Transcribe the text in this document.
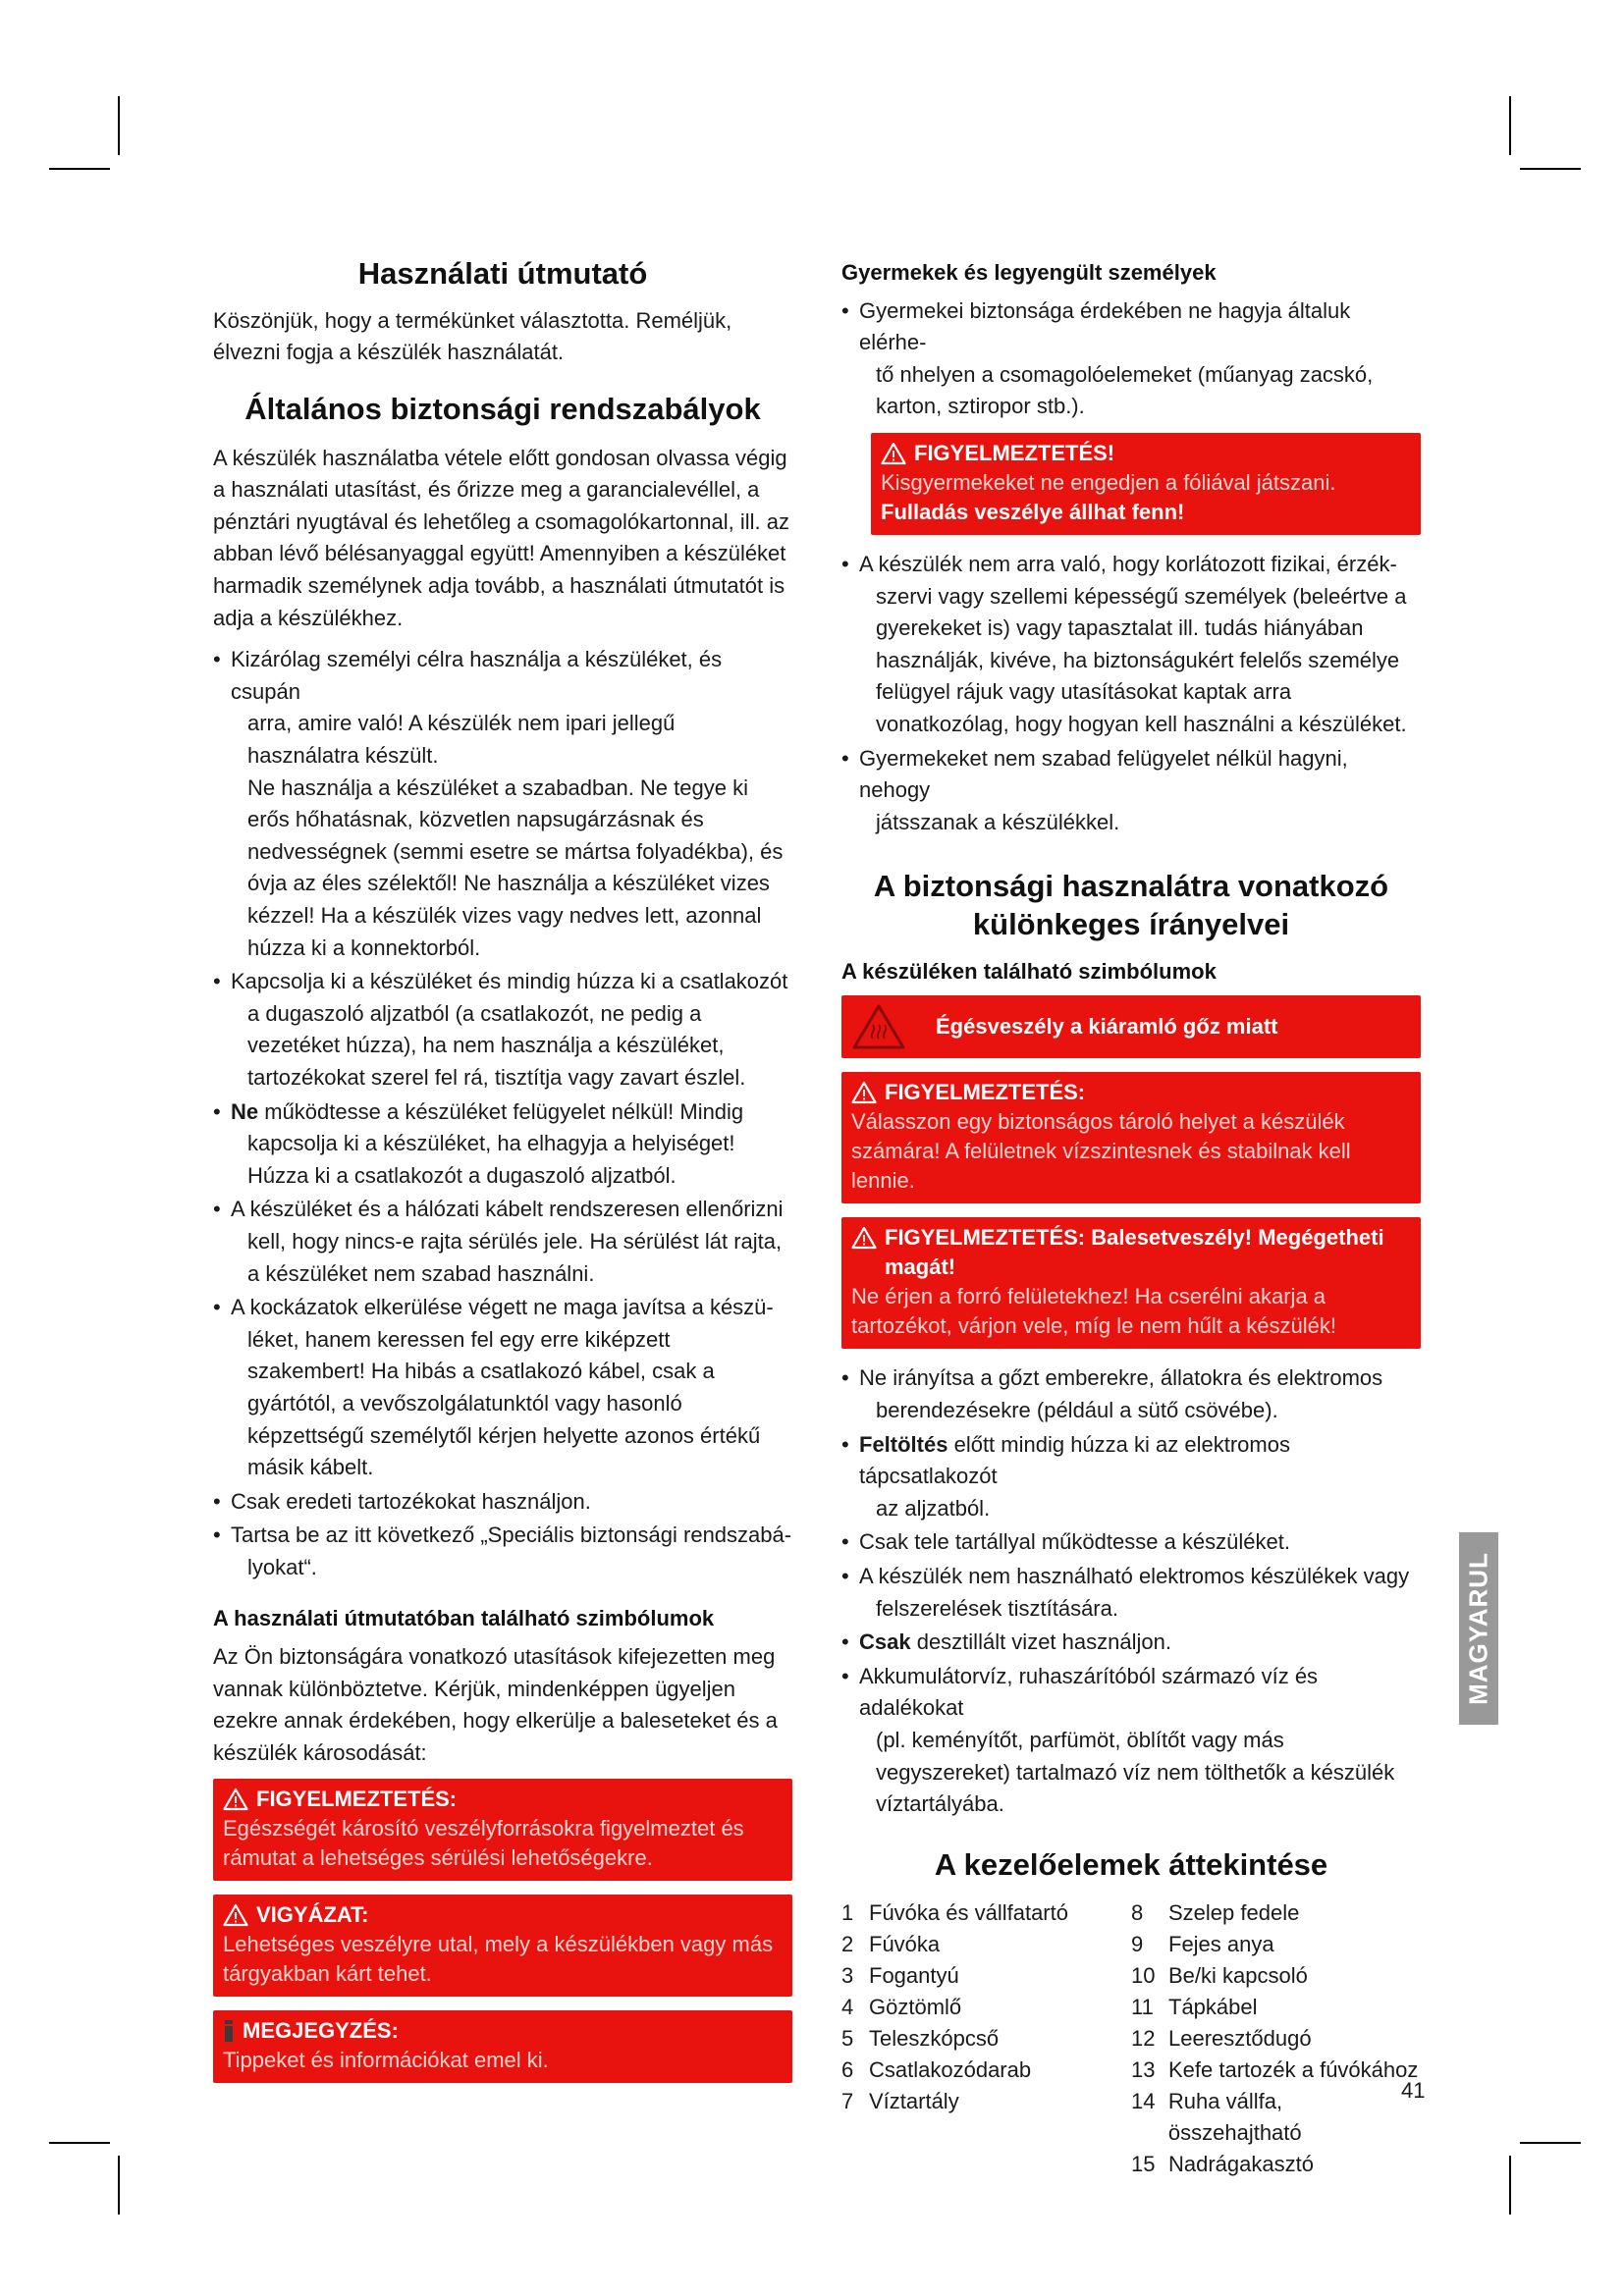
Használati útmutató

Köszönjük, hogy a termékünket választotta. Reméljük, élvezni fogja a készülék használatát.

Általános biztonsági rendszabályok

A készülék használatba vétele előtt gondosan olvassa végig a használati utasítást, és őrizze meg a garancialevéllel, a pénztári nyugtával és lehetőleg a csomagolókartonnal, ill. az abban lévő bélésanyaggal együtt! Amennyiben a készüléket harmadik személynek adja tovább, a használati útmutatót is adja a készülékhez.

• Kizárólag személyi célra használja a készüléket, és csupán
arra, amire való! A készülék nem ipari jellegű használatra készült.
Ne használja a készüléket a szabadban. Ne tegye ki erős hőhatásnak, közvetlen napsugárzásnak és nedvességnek (semmi esetre se mártsa folyadékba), és óvja az éles szélektől! Ne használja a készüléket vizes kézzel! Ha a készülék vizes vagy nedves lett, azonnal húzza ki a konnektorból.
• Kapcsolja ki a készüléket és mindig húzza ki a csatlakozót
a dugaszoló aljzatból (a csatlakozót, ne pedig a vezetéket húzza), ha nem használja a készüléket, tartozékokat szerel fel rá, tisztítja vagy zavart észlel.
• Ne működtesse a készüléket felügyelet nélkül! Mindig
kapcsolja ki a készüléket, ha elhagyja a helyiséget! Húzza ki a csatlakozót a dugaszoló aljzatból.
• A készüléket és a hálózati kábelt rendszeresen ellenőrizni
kell, hogy nincs-e rajta sérülés jele. Ha sérülést lát rajta, a készüléket nem szabad használni.
• A kockázatok elkerülése végett ne maga javítsa a készü-
léket, hanem keressen fel egy erre kiképzett szakembert! Ha hibás a csatlakozó kábel, csak a gyártótól, a vevőszolgálatunktól vagy hasonló képzettségű személytől kérjen helyette azonos értékű másik kábelt.
• Csak eredeti tartozékokat használjon.
• Tartsa be az itt következő „Speciális biztonsági rendszabá-
lyokat“.
A használati útmutatóban található szimbólumok

Az Ön biztonságára vonatkozó utasítások kifejezetten meg vannak különböztetve. Kérjük, mindenképpen ügyeljen ezekre annak érdekében, hogy elkerülje a baleseteket és a készülék károsodását:

FIGYELMEZTETÉS:
Egészségét károsító veszélyforrásokra figyelmeztet és rámutat a lehetséges sérülési lehetőségekre.
VIGYÁZAT:
Lehetséges veszélyre utal, mely a készülékben vagy más tárgyakban kárt tehet.
MEGJEGYZÉS:
Tippeket és információkat emel ki.
Gyermekek és legyengült személyek
• Gyermekei biztonsága érdekében ne hagyja általuk elérhe-
tő nhelyen a csomagolóelemeket (műanyag zacskó, karton, sztiropor stb.).
FIGYELMEZTETÉS!
Kisgyermekeket ne engedjen a fóliával játszani. Fulladás veszélye állhat fenn!
• A készülék nem arra való, hogy korlátozott fizikai, érzék-
szervi vagy szellemi képességű személyek (beleértve a gyerekeket is) vagy tapasztalat ill. tudás hiányában használják, kivéve, ha biztonságukért felelős személye felügyel rájuk vagy utasításokat kaptak arra vonatkozólag, hogy hogyan kell használni a készüléket.
• Gyermekeket nem szabad felügyelet nélkül hagyni, nehogy
játsszanak a készülékkel.
A biztonsági hasznalátra vonatkozó
különkeges írányelvei
A készüléken található szimbólumok
Égésveszély a kiáramló gőz miatt
FIGYELMEZTETÉS:
Válasszon egy biztonságos tároló helyet a készülék számára! A felületnek vízszintesnek és stabilnak kell lennie.
FIGYELMEZTETÉS: Balesetveszély! Megégetheti magát!
Ne érjen a forró felületekhez! Ha cserélni akarja a tartozékot, várjon vele, míg le nem hűlt a készülék!
• Ne irányítsa a gőzt emberekre, állatokra és elektromos
berendezésekre (például a sütő csövébe).
• Feltöltés előtt mindig húzza ki az elektromos tápcsatlakozót
az aljzatból.
• Csak tele tartállyal működtesse a készüléket.
• A készülék nem használható elektromos készülékek vagy
felszerelések tisztítására.
• Csak desztillált vizet használjon.
• Akkumulátorvíz, ruhaszárítóból származó víz és adalékokat
(pl. keményítőt, parfümöt, öblítőt vagy más vegyszereket) tartalmazó víz nem tölthetők a készülék víztartályába.
A kezelőelemek áttekintése
1 Fúvóka és vállfatartó
2 Fúvóka
3 Fogantyú
4 Göztömlő
5 Teleszkópcső
6 Csatlakozódarab
7 Víztartály
8	Szelep fedele
9	Fejes anya
10 Be/ki kapcsoló
11 Tápkábel
12 Leeresztődugó
13 Kefe tartozék a fúvókához
14 Ruha vállfa, összehajtható
15 Nadrágakasztó
MAGYARUL
41
